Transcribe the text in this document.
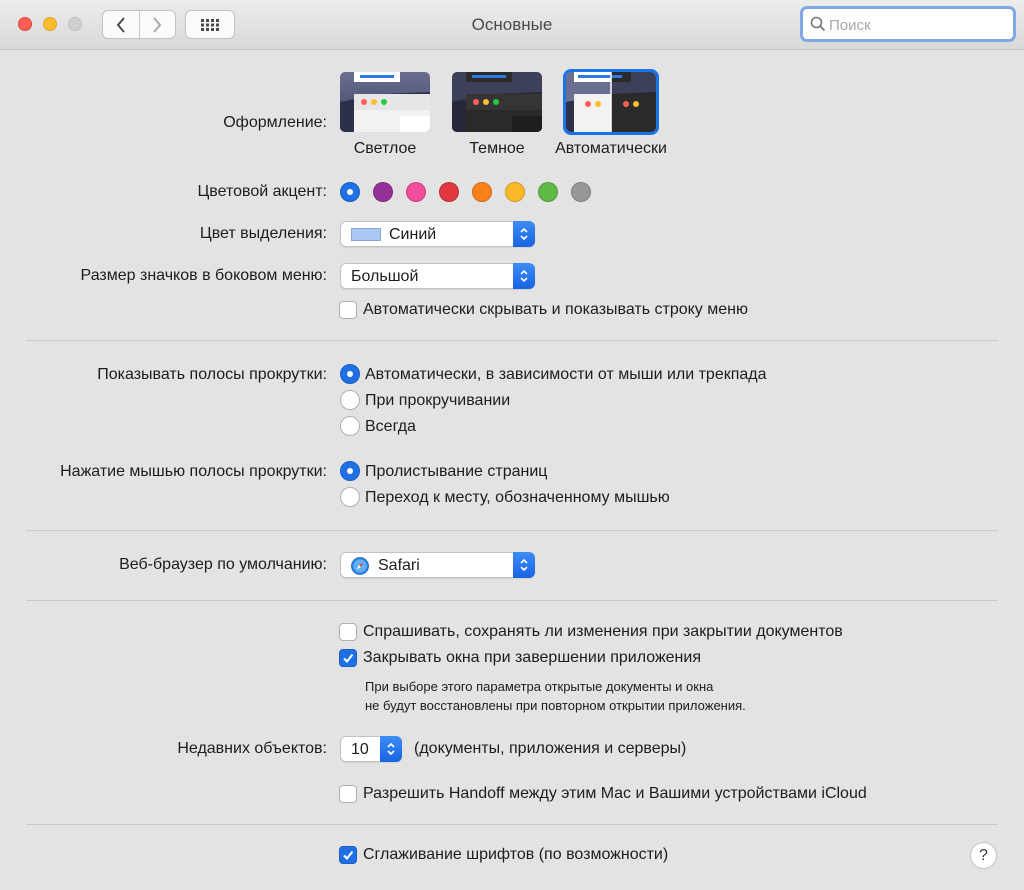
Основные
Поиск
Оформление:
Светлое	Темное	Автоматически
Цветовой акцент:
Цвет выделения:	Синий
Размер значков в боковом меню: Большой
Автоматически скрывать и показывать строку меню
Показывать полосы прокрутки: Автоматически, в зависимости от мыши или трекпада
При прокручивании
Всегда
Нажатие мышью полосы прокрутки: Пролистывание страниц
Переход к месту, обозначенному мышью
Веб-браузер по умолчанию:	Safari
Спрашивать, сохранять ли изменения при закрытии документов
Закрывать окна при завершении приложения
При выборе этого параметра открытые документы и окна
не будут восстановлены при повторном открытии приложения.
Недавних объектов: 10	(документы, приложения и серверы)
Разрешить Handoff между этим Mac и Вашими устройствами iCloud
Сглаживание шрифтов (по возможности)	?
